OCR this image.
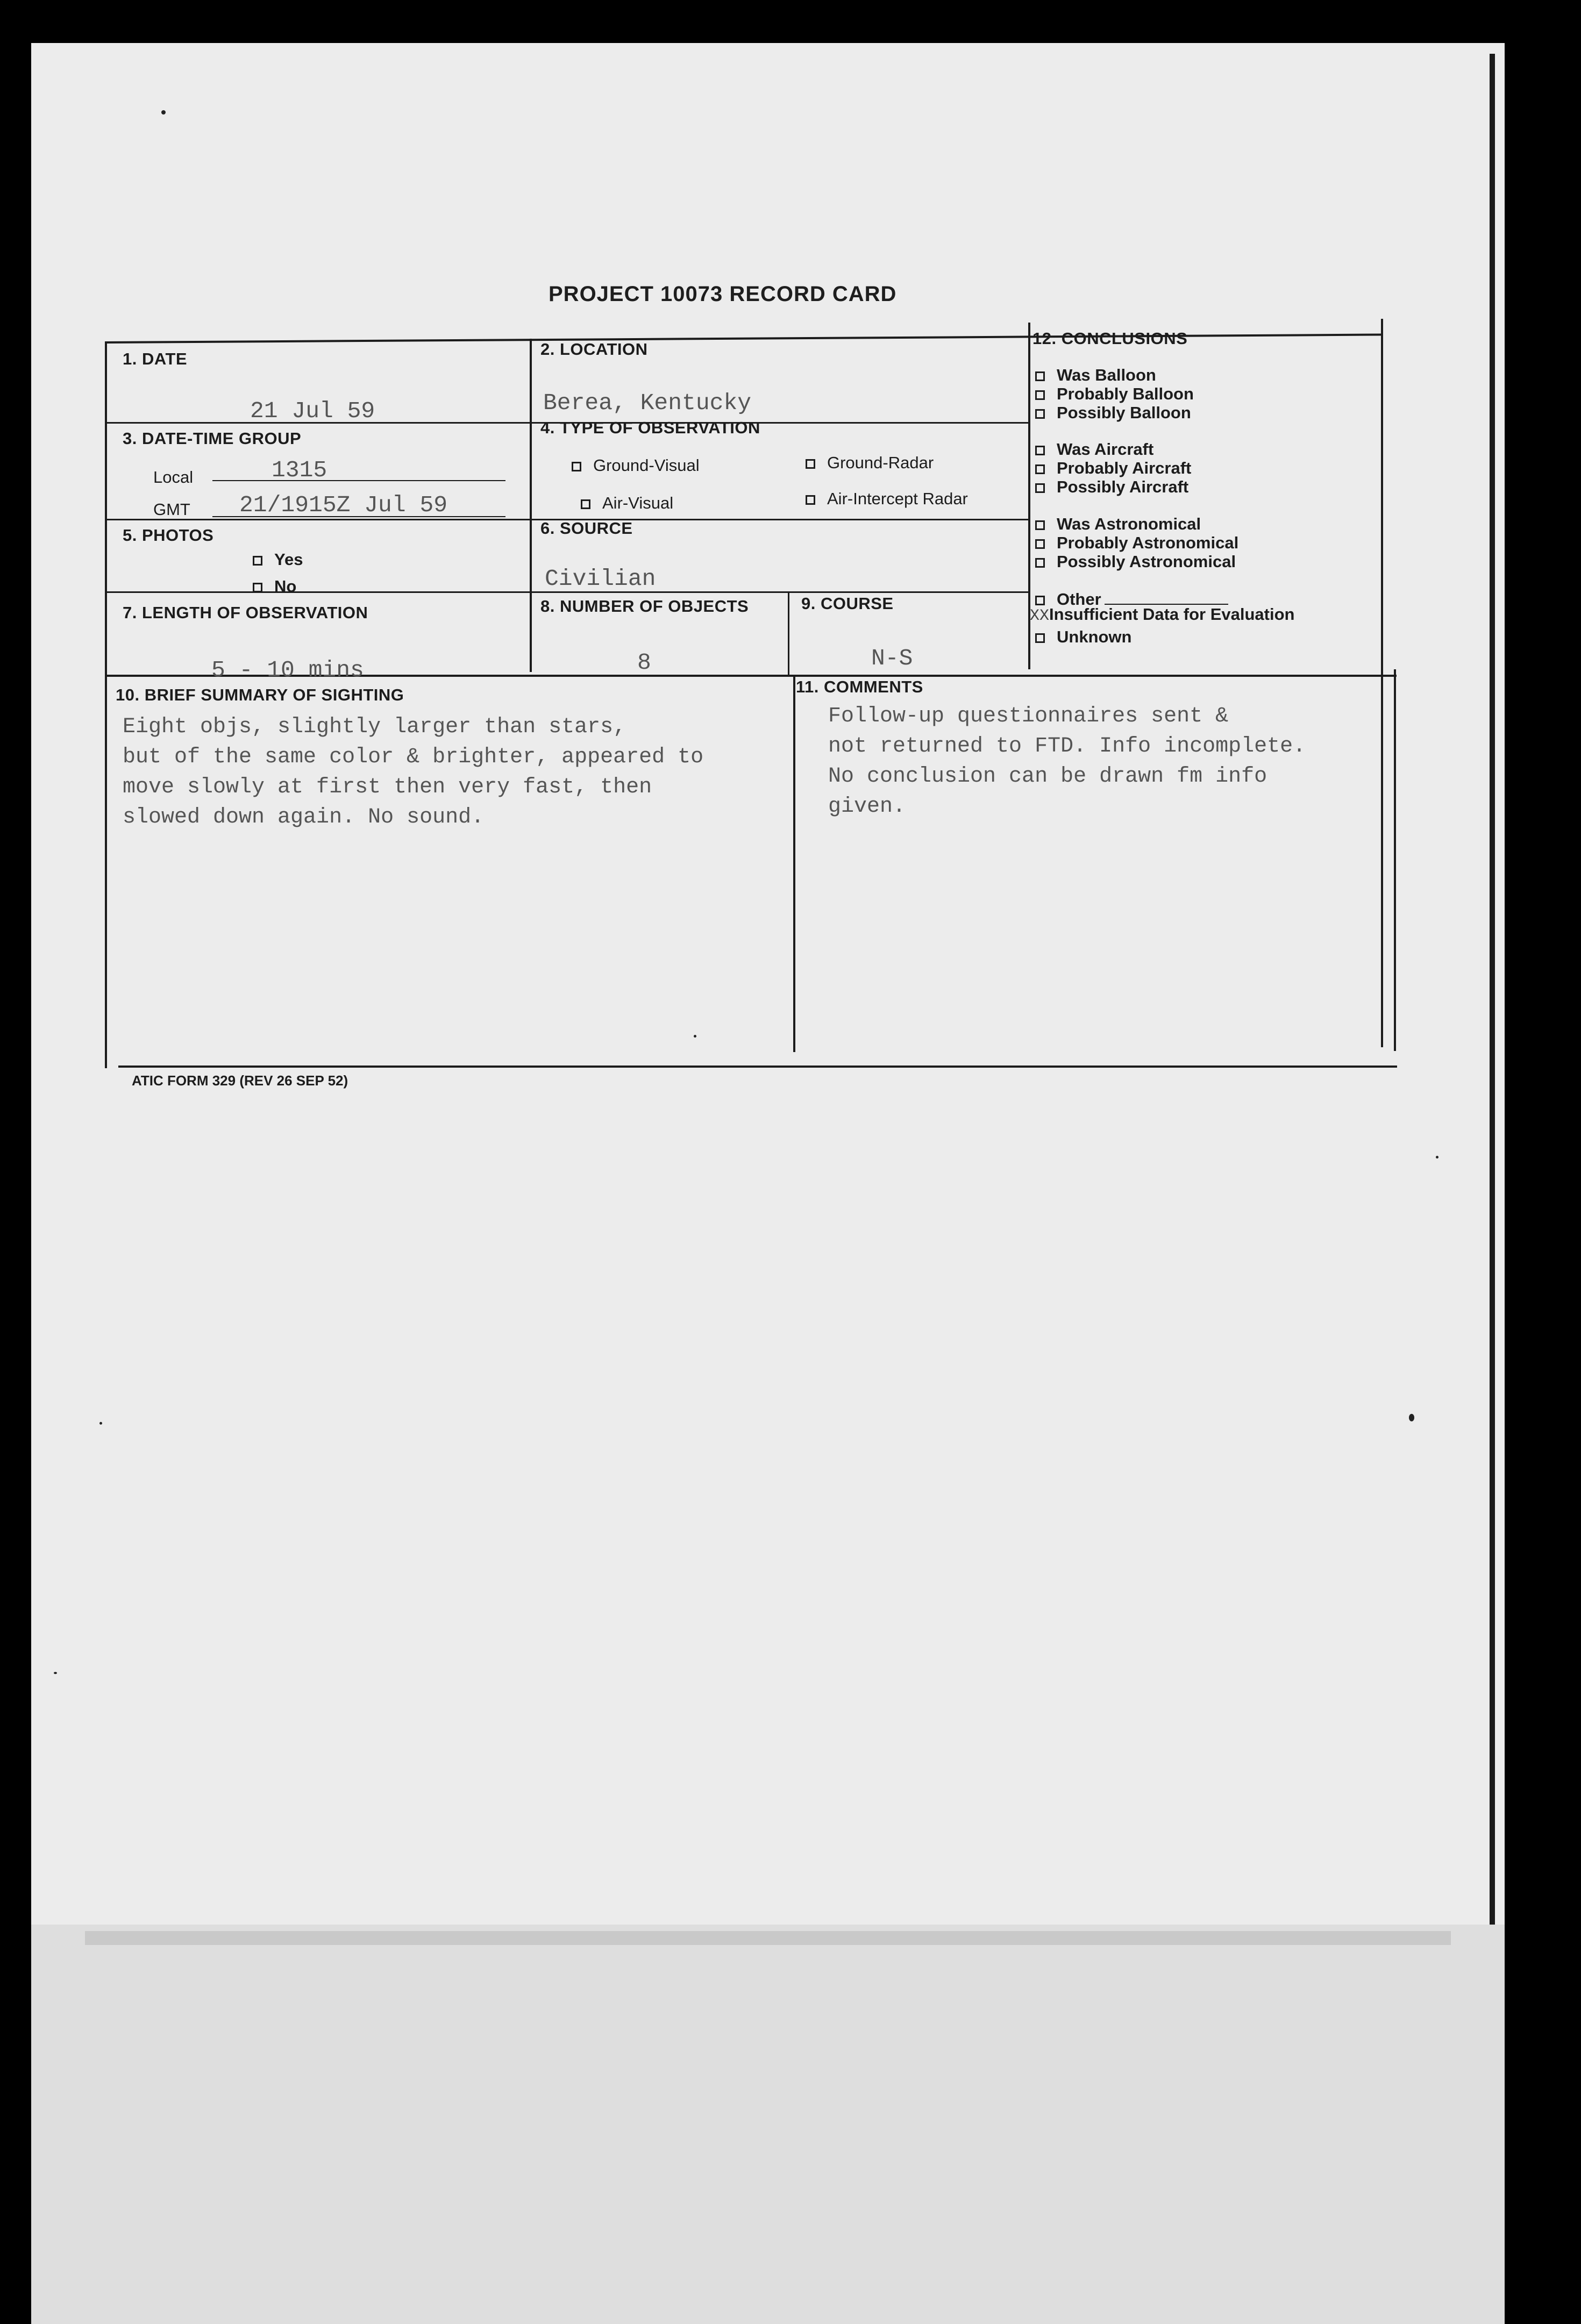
PROJECT 10073 RECORD CARD
1. DATE
21 Jul 59
2. LOCATION
Berea, Kentucky
3. DATE-TIME GROUP
Local	1315
GMT 21/1915Z Jul 59
4. TYPE OF OBSERVATION
Ground-Visual	Ground-Radar
Air-Visual	Air-Intercept Radar
5. PHOTOS
Yes
No
6. SOURCE
Civilian
7. LENGTH OF OBSERVATION
5 - 10 mins
8. NUMBER OF OBJECTS
8
9. COURSE
N-S
10. BRIEF SUMMARY OF SIGHTING
Eight objs, slightly larger than stars,
but of the same color & brighter, appeared to
move slowly at first then very fast, then
slowed down again. No sound.
11. COMMENTS
Follow-up questionnaires sent &
not returned to FTD. Info incomplete.
No conclusion can be drawn fm info
given.
12. CONCLUSIONS
Was Balloon
Probably Balloon
Possibly Balloon
Was Aircraft
Probably Aircraft
Possibly Aircraft
Was Astronomical
Probably Astronomical
Possibly Astronomical
Other
XXInsufficient Data for Evaluation
Unknown
ATIC FORM 329 (REV 26 SEP 52)
